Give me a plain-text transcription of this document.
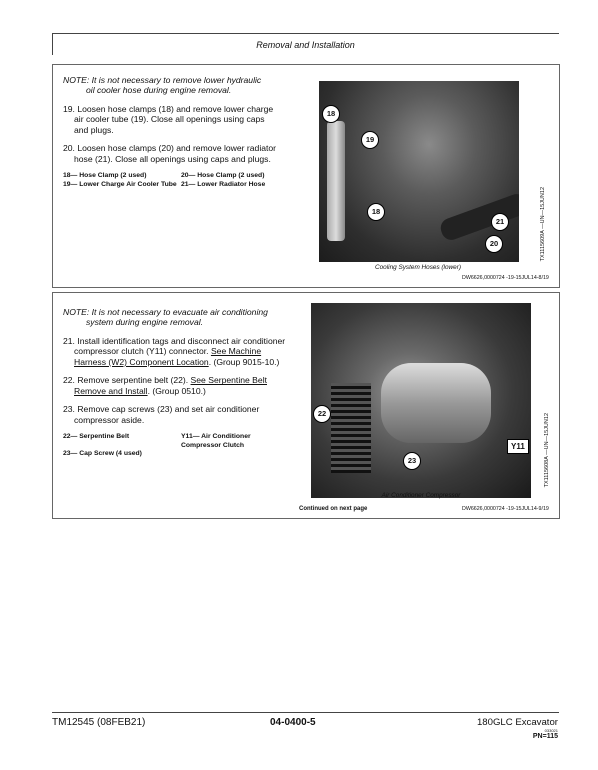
Removal and Installation
NOTE: It is not necessary to remove lower hydraulic
oil cooler hose during engine removal.
19. Loosen hose clamps (18) and remove lower charge
air cooler tube (19). Close all openings using caps
and plugs.
20. Loosen hose clamps (20) and remove lower radiator
hose (21). Close all openings using caps and plugs.
18— Hose Clamp (2 used)	20— Hose Clamp (2 used)
19— Lower Charge Air Cooler Tube 21— Lower Radiator Hose
18
19
18
21
20
Cooling System Hoses (lower)
TX1115609A —UN—15JUN12
DW6626,0000724 -19-15JUL14-8/19
NOTE: It is not necessary to evacuate air conditioning
system during engine removal.
21. Install identification tags and disconnect air conditioner
compressor clutch (Y11) connector. See Machine
Harness (W2) Component Location. (Group 9015-10.)
22. Remove serpentine belt (22). See Serpentine Belt
Remove and Install. (Group 0510.)
23. Remove cap screws (23) and set air conditioner
compressor aside.
22— Serpentine Belt	Y11— Air Conditioner Compressor Clutch
23— Cap Screw (4 used)
22
23
Y11
Air Conditioner Compressor
TX1115608A —UN—15JUN12
Continued on next page	DW6626,0000724 -19-15JUL14-9/19
TM12545 (08FEB21)	04-0400-5	180GLC Excavator
033021
PN=115
